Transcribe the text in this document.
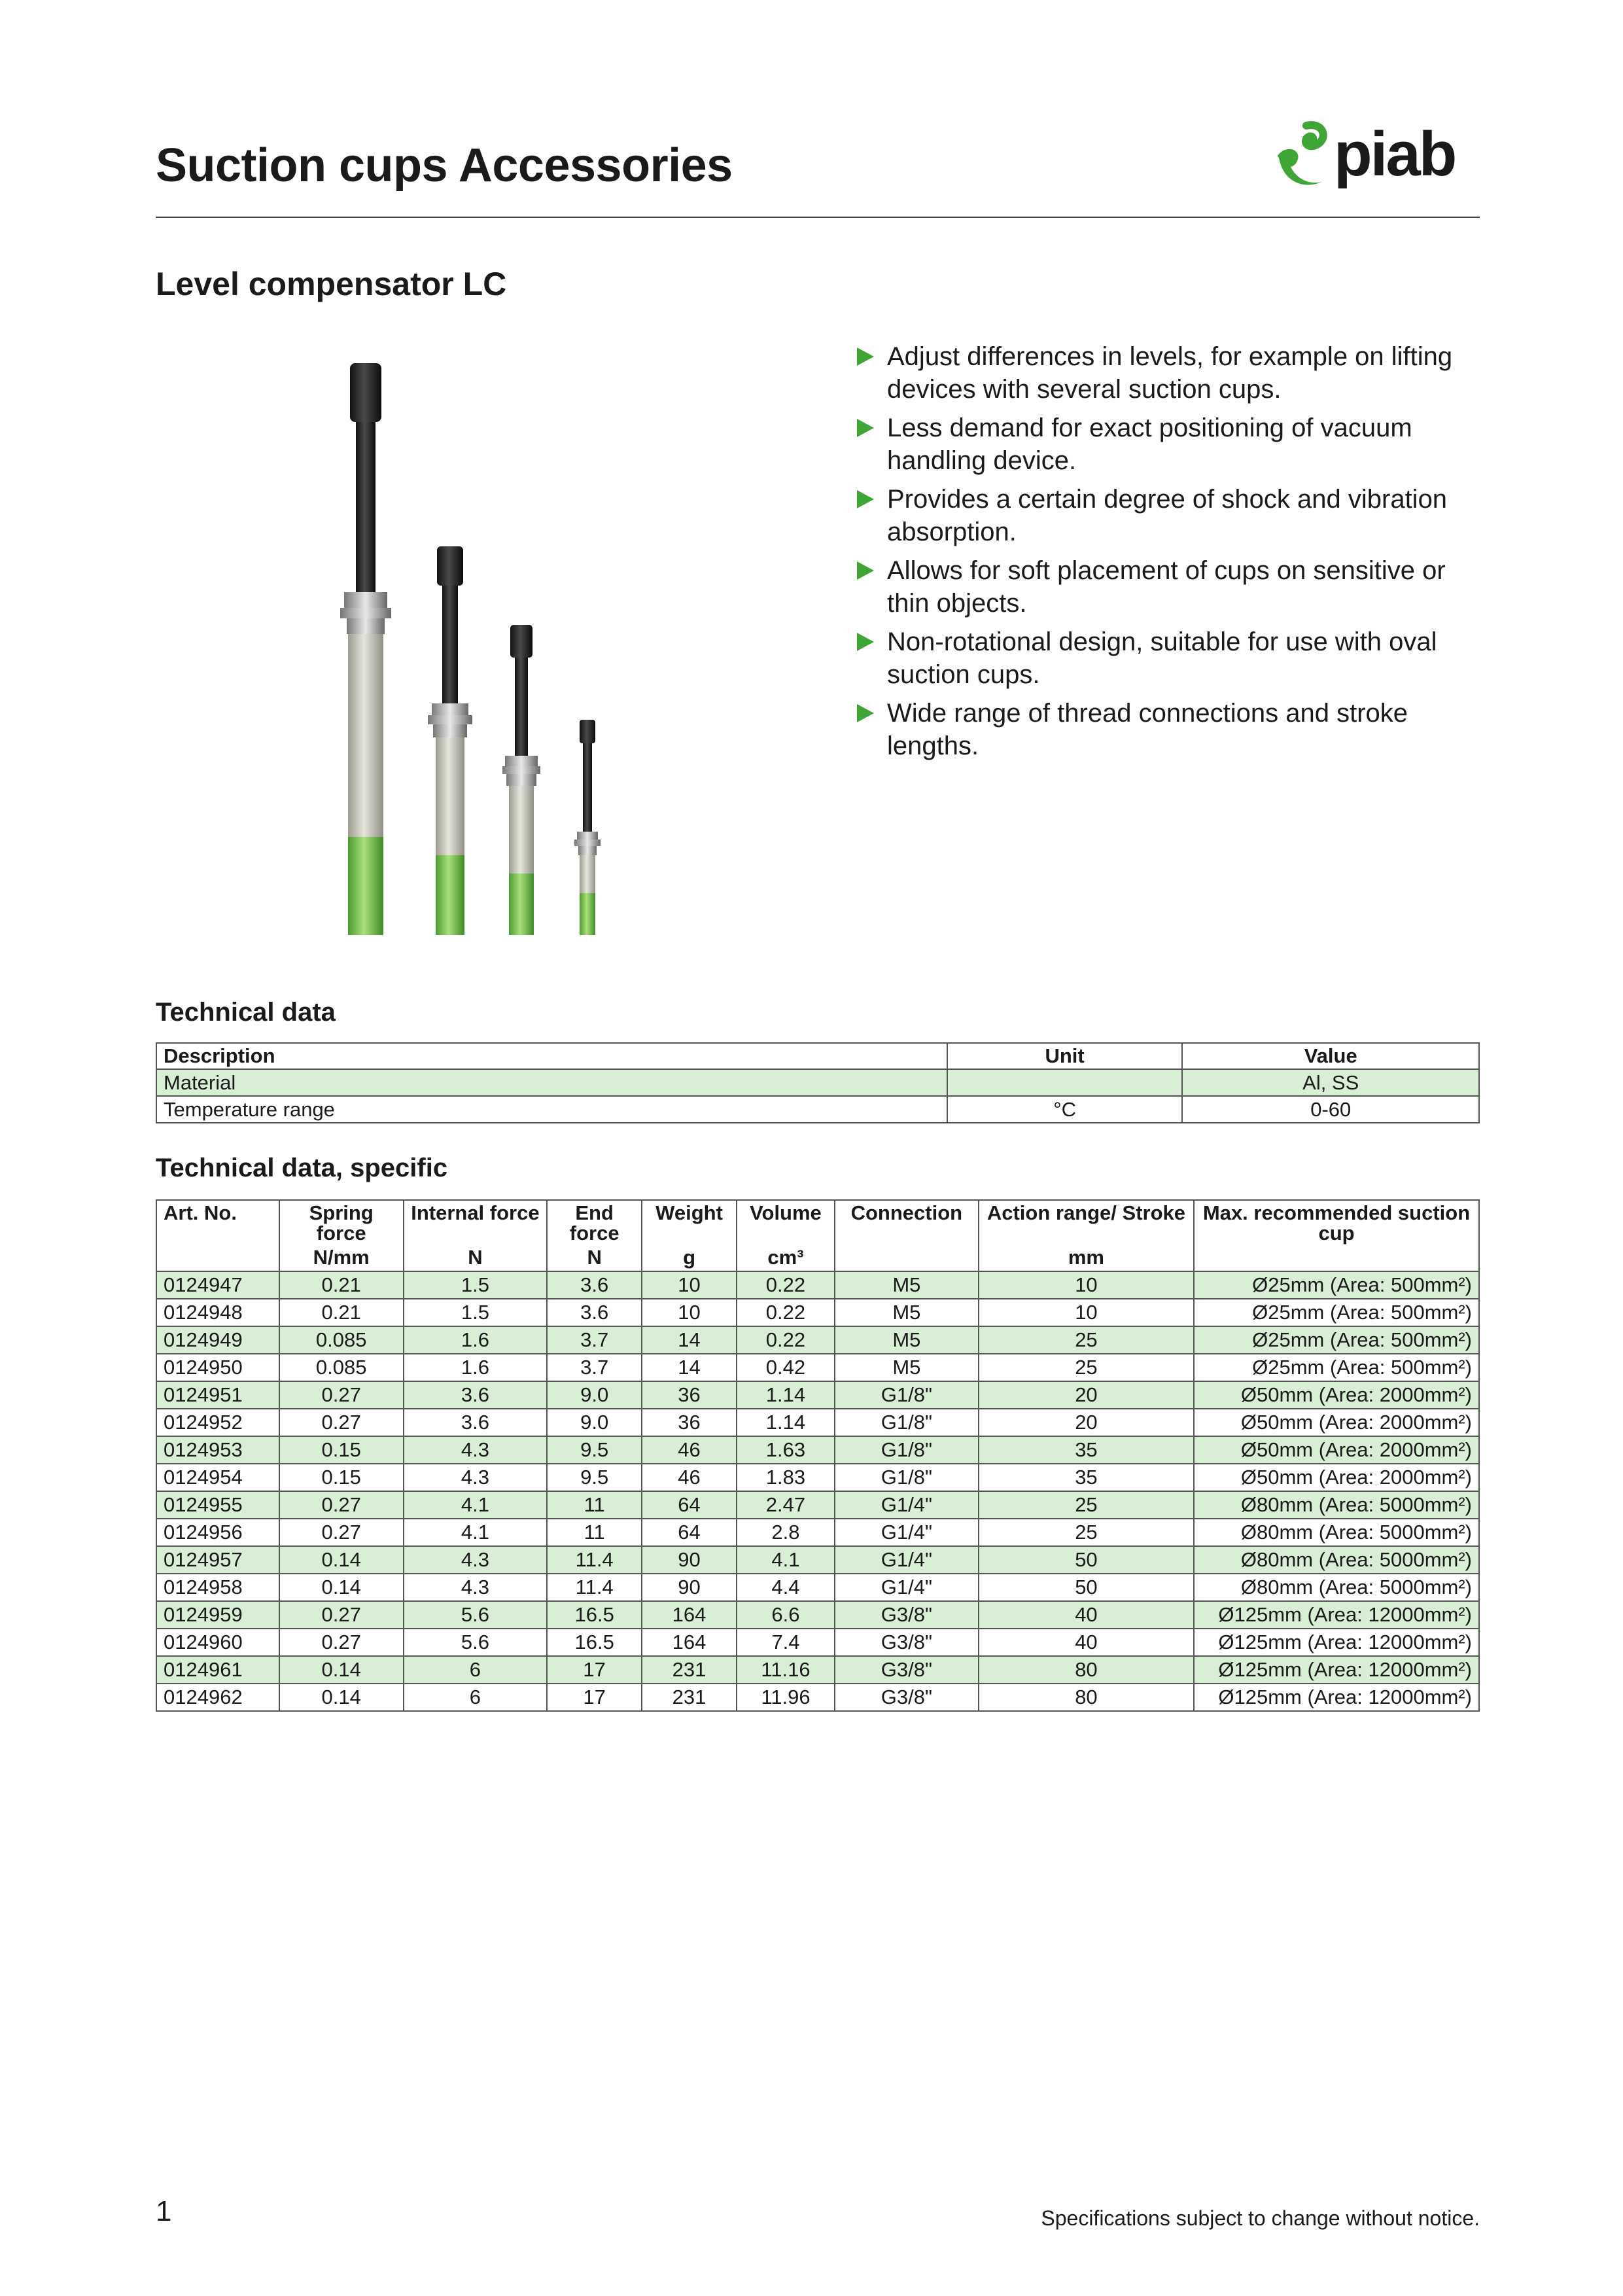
Suction cups Accessories	piab
Level compensator LC
Adjust differences in levels, for example on lifting devices with several suction cups.
Less demand for exact positioning of vacuum handling device.
Provides a certain degree of shock and vibration absorption.
Allows for soft placement of cups on sensitive or thin objects.
Non-rotational design, suitable for use with oval suction cups.
Wide range of thread connections and stroke lengths.
Technical data
Description	Unit	Value
Material		Al, SS
Temperature range	°C	0-60
Technical data, specific
Art. No.	Spring force	Internal force	End force	Weight	Volume	Connection	Action range/ Stroke	Max. recommended suction cup
	N/mm	N	N	g	cm³		mm	
0124947	0.21	1.5	3.6	10	0.22	M5	10	Ø25mm (Area: 500mm²)
0124948	0.21	1.5	3.6	10	0.22	M5	10	Ø25mm (Area: 500mm²)
0124949	0.085	1.6	3.7	14	0.22	M5	25	Ø25mm (Area: 500mm²)
0124950	0.085	1.6	3.7	14	0.42	M5	25	Ø25mm (Area: 500mm²)
0124951	0.27	3.6	9.0	36	1.14	G1/8"	20	Ø50mm (Area: 2000mm²)
0124952	0.27	3.6	9.0	36	1.14	G1/8"	20	Ø50mm (Area: 2000mm²)
0124953	0.15	4.3	9.5	46	1.63	G1/8"	35	Ø50mm (Area: 2000mm²)
0124954	0.15	4.3	9.5	46	1.83	G1/8"	35	Ø50mm (Area: 2000mm²)
0124955	0.27	4.1	11	64	2.47	G1/4"	25	Ø80mm (Area: 5000mm²)
0124956	0.27	4.1	11	64	2.8	G1/4"	25	Ø80mm (Area: 5000mm²)
0124957	0.14	4.3	11.4	90	4.1	G1/4"	50	Ø80mm (Area: 5000mm²)
0124958	0.14	4.3	11.4	90	4.4	G1/4"	50	Ø80mm (Area: 5000mm²)
0124959	0.27	5.6	16.5	164	6.6	G3/8"	40	Ø125mm (Area: 12000mm²)
0124960	0.27	5.6	16.5	164	7.4	G3/8"	40	Ø125mm (Area: 12000mm²)
0124961	0.14	6	17	231	11.16	G3/8"	80	Ø125mm (Area: 12000mm²)
0124962	0.14	6	17	231	11.96	G3/8"	80	Ø125mm (Area: 12000mm²)
1	Specifications subject to change without notice.
